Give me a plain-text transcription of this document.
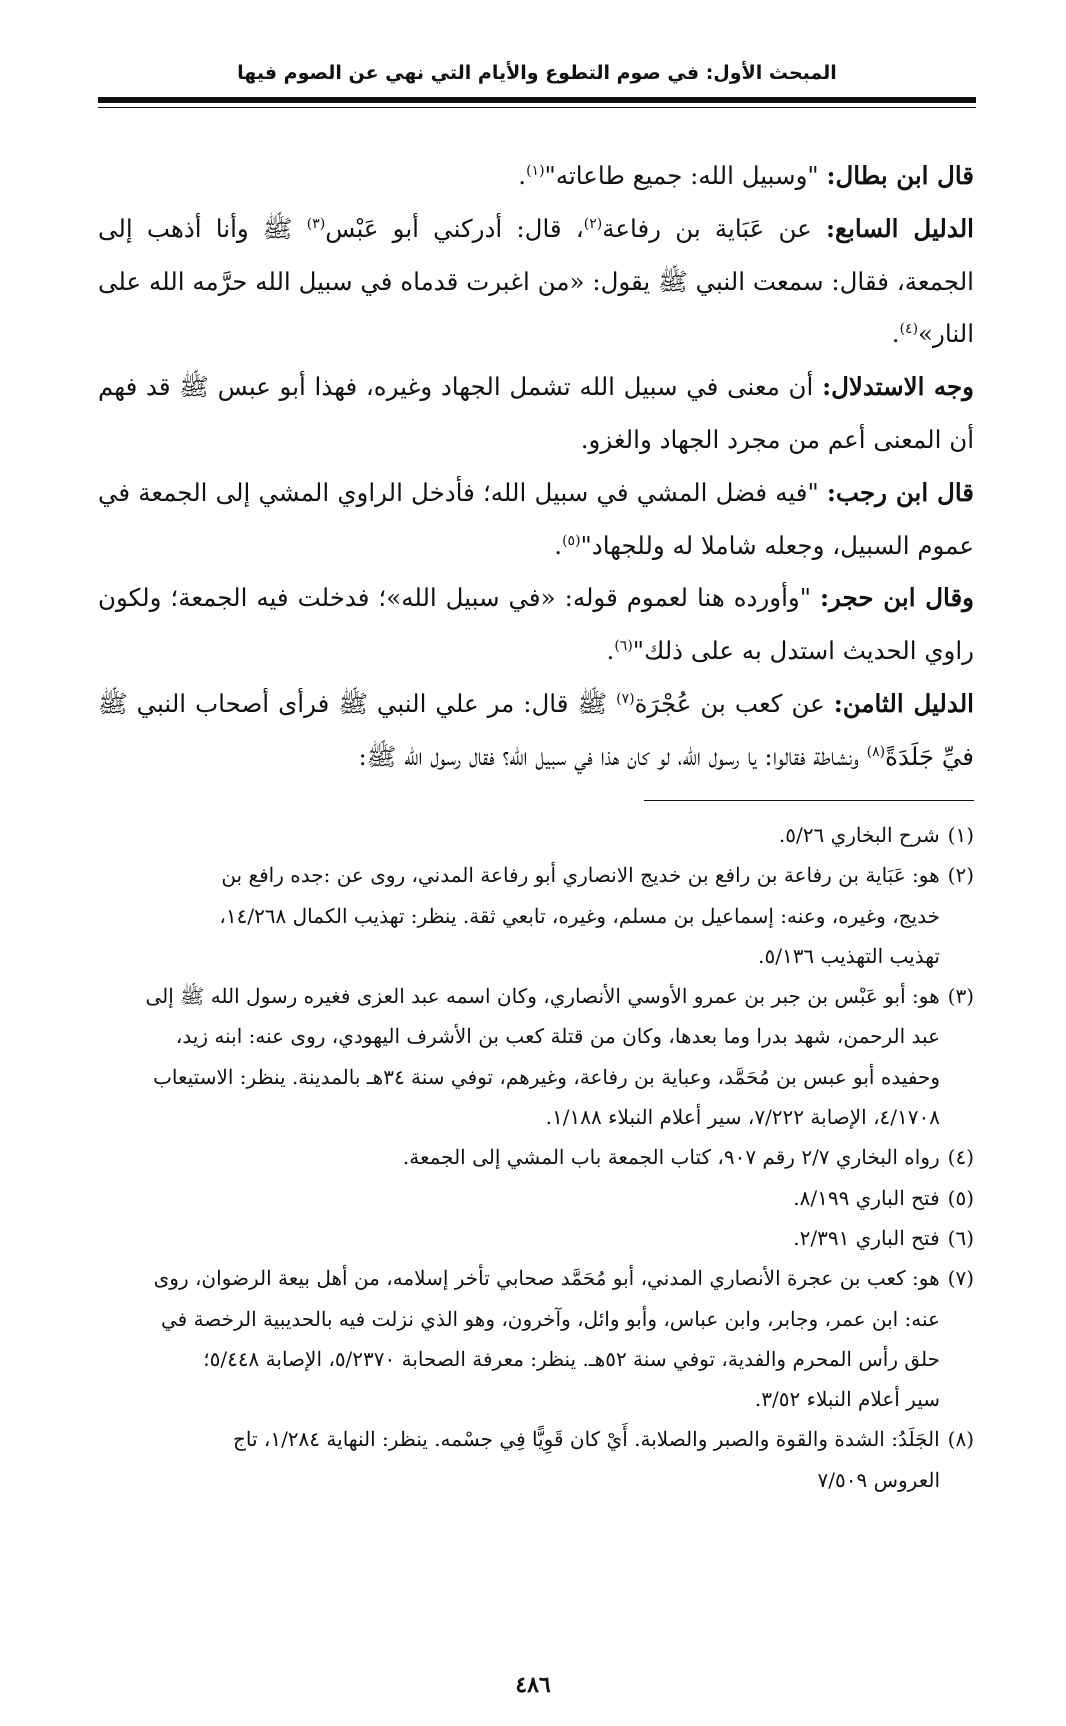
المبحث الأول: في صوم التطوع والأيام التي نهي عن الصوم فيها

قال ابن بطال: "وسبيل الله: جميع طاعاته"$^{(١)}$.

الدليل السابع: عن عَبَاية بن رفاعة$^{(٢)}$، قال: أدركني أبو عَبْس$^{(٣)}$ ﷺ وأنا أذهب إلى الجمعة، فقال: سمعت النبي ﷺ يقول: «من اغبرت قدماه في سبيل الله حرَّمه الله على النار»$^{(٤)}$.

وجه الاستدلال: أن معنى في سبيل الله تشمل الجهاد وغيره، فهذا أبو عبس ﷺ قد فهم أن المعنى أعم من مجرد الجهاد والغزو.

قال ابن رجب: "فيه فضل المشي في سبيل الله؛ فأدخل الراوي المشي إلى الجمعة في عموم السبيل، وجعله شاملا له وللجهاد"$^{(٥)}$.

وقال ابن حجر: "وأورده هنا لعموم قوله: «في سبيل الله»؛ فدخلت فيه الجمعة؛ ولكون راوي الحديث استدل به على ذلك"$^{(٦)}$.

الدليل الثامن: عن كعب بن عُجْرَة$^{(٧)}$ ﷺ قال: مر علي النبي ﷺ فرأى أصحاب النبي ﷺ فيِّ جَلَدَةً$^{(٨)}$ ونشاطة فقالوا: يا رسول الله، لو كان هذا في سبيل الله؟ فقال رسول الله ﷺ:

(١) شرح البخاري ٥/٢٦.

(٢) هو: عَبَاية بن رفاعة بن رافع بن خديج الانصاري أبو رفاعة المدني، روى عن :جده رافع بن

خديج، وغيره، وعنه: إسماعيل بن مسلم، وغيره، تابعي ثقة. ينظر: تهذيب الكمال ١٤/٢٦٨،

تهذيب التهذيب ٥/١٣٦.

(٣) هو: أبو عَبْس بن جبر بن عمرو الأوسي الأنصاري، وكان اسمه عبد العزى فغيره رسول الله ﷺ إلى

عبد الرحمن، شهد بدرا وما بعدها، وكان من قتلة كعب بن الأشرف اليهودي، روى عنه: ابنه زيد،

وحفيده أبو عبس بن مُحَمَّد، وعباية بن رفاعة، وغيرهم، توفي سنة ٣٤هـ بالمدينة. ينظر: الاستيعاب

٤/١٧٠٨، الإصابة ٧/٢٢٢، سير أعلام النبلاء ١/١٨٨.

(٤) رواه البخاري ٢/٧ رقم ٩٠٧، كتاب الجمعة باب المشي إلى الجمعة.

(٥) فتح الباري ٨/١٩٩.

(٦) فتح الباري ٢/٣٩١.

(٧) هو: كعب بن عجرة الأنصاري المدني، أبو مُحَمَّد صحابي تأخر إسلامه، من أهل بيعة الرضوان، روى

عنه: ابن عمر، وجابر، وابن عباس، وأبو وائل، وآخرون، وهو الذي نزلت فيه بالحديبية الرخصة في

حلق رأس المحرم والفدية، توفي سنة ٥٢هـ. ينظر: معرفة الصحابة ٥/٢٣٧٠، الإصابة ٥/٤٤٨؛

سير أعلام النبلاء ٣/٥٢.

(٨) الجَلَدُ: الشدة والقوة والصبر والصلابة. أَيْ كان قَوِيًّا فِي جسْمه. ينظر: النهاية ١/٢٨٤، تاج

العروس ٧/٥٠٩

٤٨٦
